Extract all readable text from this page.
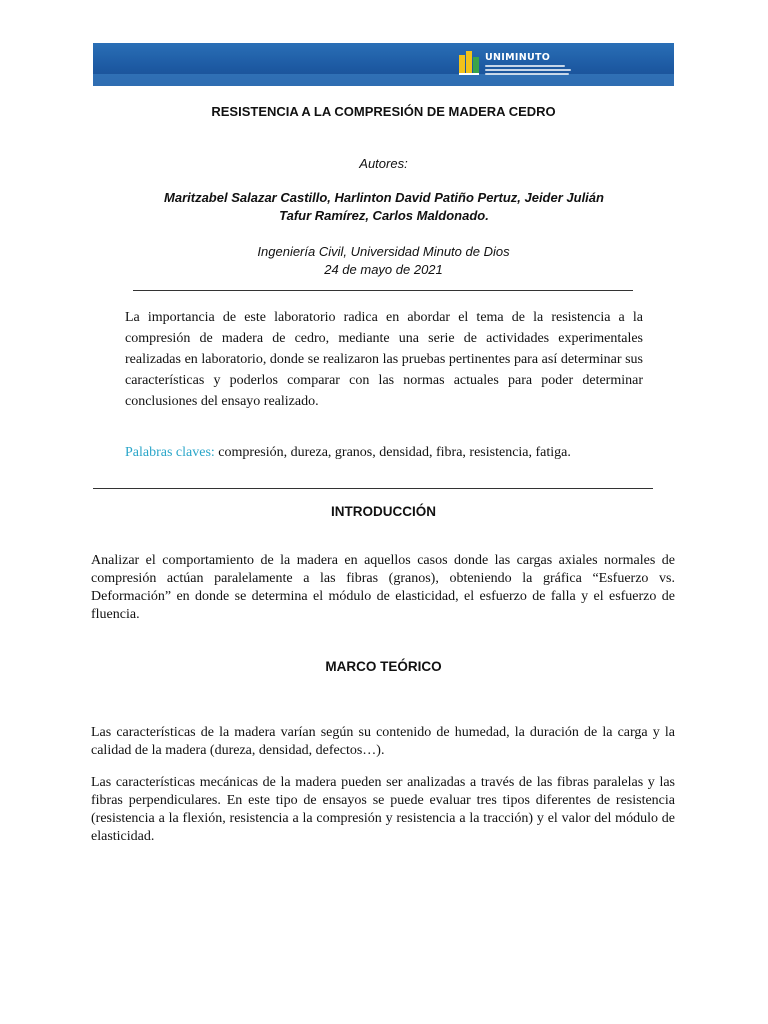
UNIMINUTO
RESISTENCIA A LA COMPRESIÓN DE MADERA CEDRO
Autores:
Maritzabel Salazar Castillo, Harlinton David Patiño Pertuz, Jeider Julián
Tafur Ramírez, Carlos Maldonado.
Ingeniería Civil, Universidad Minuto de Dios
24 de mayo de 2021
La importancia de este laboratorio radica en abordar el tema de la resistencia a la compresión de madera de cedro, mediante una serie de actividades experimentales realizadas en laboratorio, donde se realizaron las pruebas pertinentes para así determinar sus características y poderlos comparar con las normas actuales para poder determinar conclusiones del ensayo realizado.
Palabras claves: compresión, dureza, granos, densidad, fibra, resistencia, fatiga.
INTRODUCCIÓN
Analizar el comportamiento de la madera en aquellos casos donde las cargas axiales normales de compresión actúan paralelamente a las fibras (granos), obteniendo la gráfica “Esfuerzo vs. Deformación” en donde se determina el módulo de elasticidad, el esfuerzo de falla y el esfuerzo de fluencia.
MARCO TEÓRICO
Las características de la madera varían según su contenido de humedad, la duración de la carga y la calidad de la madera (dureza, densidad, defectos…).
Las características mecánicas de la madera pueden ser analizadas a través de las fibras paralelas y las fibras perpendiculares. En este tipo de ensayos se puede evaluar tres tipos diferentes de resistencia (resistencia a la flexión, resistencia a la compresión y resistencia a la tracción) y el valor del módulo de elasticidad.
